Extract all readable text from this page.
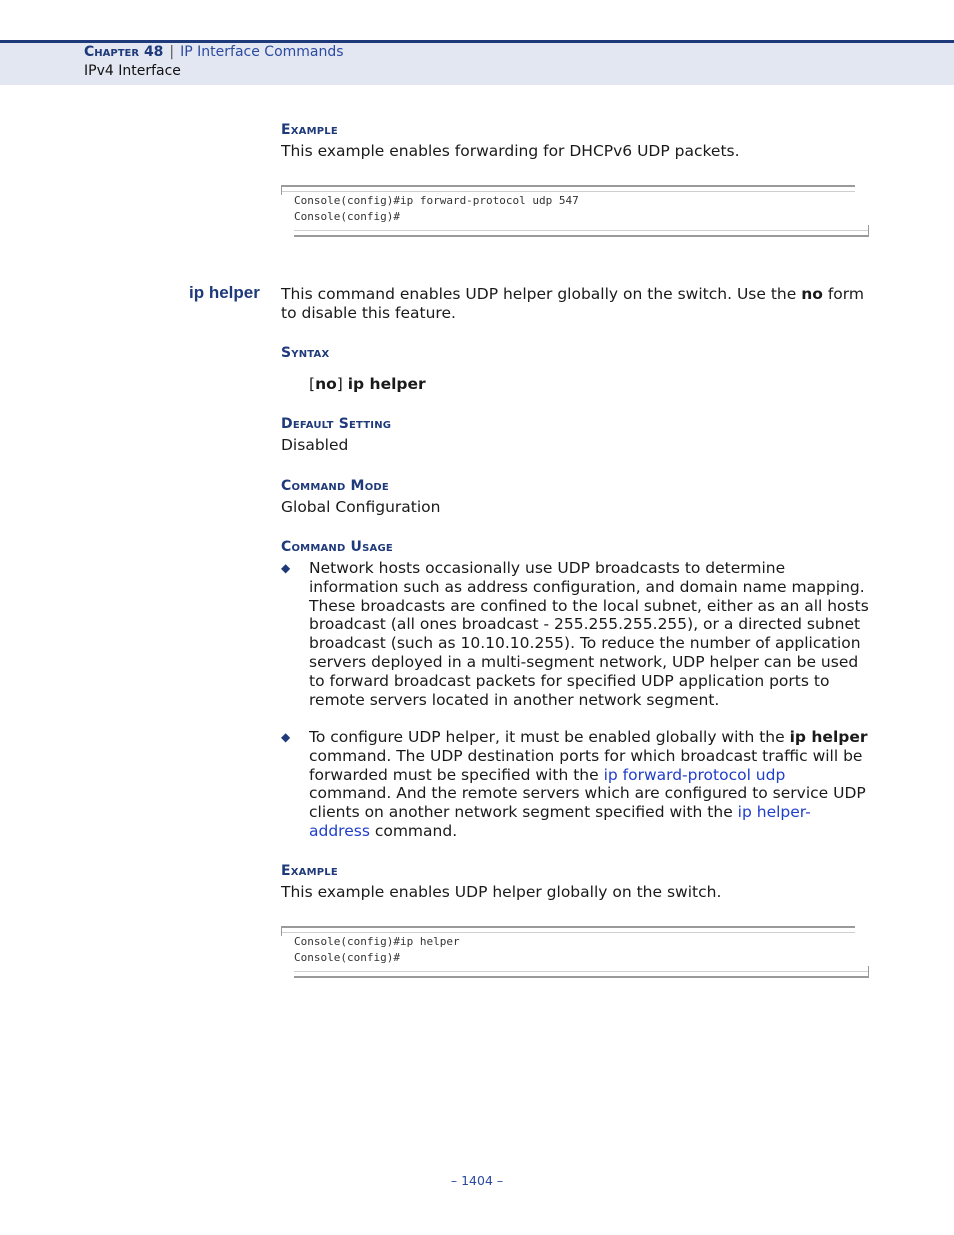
Chapter 48 | IP Interface Commands
IPv4 Interface
Example
This example enables forwarding for DHCPv6 UDP packets.
Console(config)#ip forward-protocol udp 547
Console(config)#
ip helper This command enables UDP helper globally on the switch. Use the no form to disable this feature.
Syntax
[no] ip helper
Default Setting
Disabled
Command Mode
Global Configuration
Command Usage
◆ Network hosts occasionally use UDP broadcasts to determine information such as address configuration, and domain name mapping. These broadcasts are confined to the local subnet, either as an all hosts broadcast (all ones broadcast - 255.255.255.255), or a directed subnet broadcast (such as 10.10.10.255). To reduce the number of application servers deployed in a multi-segment network, UDP helper can be used to forward broadcast packets for specified UDP application ports to remote servers located in another network segment.
◆ To configure UDP helper, it must be enabled globally with the ip helper command. The UDP destination ports for which broadcast traffic will be forwarded must be specified with the ip forward-protocol udp command. And the remote servers which are configured to service UDP clients on another network segment specified with the ip helper-address command.
Example
This example enables UDP helper globally on the switch.
Console(config)#ip helper
Console(config)#
– 1404 –
